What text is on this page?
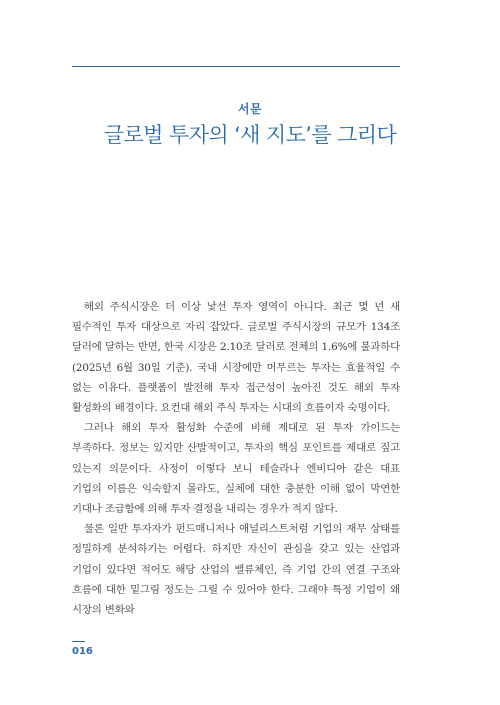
서문
글로벌 투자의 ‘새 지도’를 그리다

해외 주식시장은 더 이상 낯선 투자 영역이 아니다. 최근 몇 년 새 필수적인 투자 대상으로 자리 잡았다. 글로벌 주식시장의 규모가 134조 달러에 달하는 반면, 한국 시장은 2.10조 달러로 전체의 1.6%에 불과하다(2025년 6월 30일 기준). 국내 시장에만 머무르는 투자는 효율적일 수 없는 이유다. 플랫폼이 발전해 투자 접근성이 높아진 것도 해외 투자 활성화의 배경이다. 요컨대 해외 주식 투자는 시대의 흐름이자 숙명이다.

그러나 해외 투자 활성화 수준에 비해 제대로 된 투자 가이드는 부족하다. 정보는 있지만 산발적이고, 투자의 핵심 포인트를 제대로 짚고 있는지 의문이다. 사정이 이렇다 보니 테슬라나 엔비디아 같은 대표 기업의 이름은 익숙할지 몰라도, 실체에 대한 충분한 이해 없이 막연한 기대나 조급함에 의해 투자 결정을 내리는 경우가 적지 않다.

물론 일반 투자자가 펀드매니저나 애널리스트처럼 기업의 재무 상태를 정밀하게 분석하기는 어렵다. 하지만 자신이 관심을 갖고 있는 산업과 기업이 있다면 적어도 해당 산업의 밸류체인, 즉 기업 간의 연결 구조와 흐름에 대한 밑그림 정도는 그릴 수 있어야 한다. 그래야 특정 기업이 왜 시장의 변화와

016
